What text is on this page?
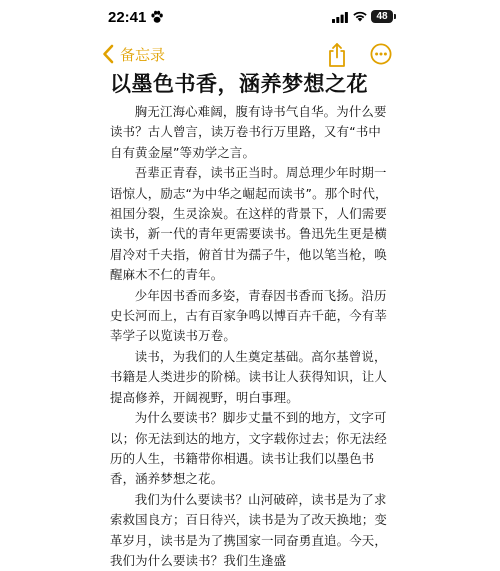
22:41	48
备忘录
以墨色书香，涵养梦想之花

胸无江海心难阔，腹有诗书气自华。为什么要读书？古人曾言，读万卷书行万里路，又有“书中自有黄金屋”等劝学之言。

吾辈正青春，读书正当时。周总理少年时期一语惊人，励志“为中华之崛起而读书”。那个时代，祖国分裂，生灵涂炭。在这样的背景下，人们需要读书，新一代的青年更需要读书。鲁迅先生更是横眉冷对千夫指，俯首甘为孺子牛，他以笔当枪，唤醒麻木不仁的青年。

少年因书香而多姿，青春因书香而飞扬。沿历史长河而上，古有百家争鸣以博百卉千葩，今有莘莘学子以览读书万卷。

读书，为我们的人生奠定基础。高尔基曾说，书籍是人类进步的阶梯。读书让人获得知识，让人提高修养，开阔视野，明白事理。

为什么要读书？脚步丈量不到的地方，文字可以；你无法到达的地方，文字载你过去；你无法经历的人生，书籍带你相遇。读书让我们以墨色书香，涵养梦想之花。

我们为什么要读书？山河破碎，读书是为了求索救国良方；百日待兴，读书是为了改天换地；变革岁月，读书是为了携国家一同奋勇直追。今天，我们为什么要读书？我们生逢盛
